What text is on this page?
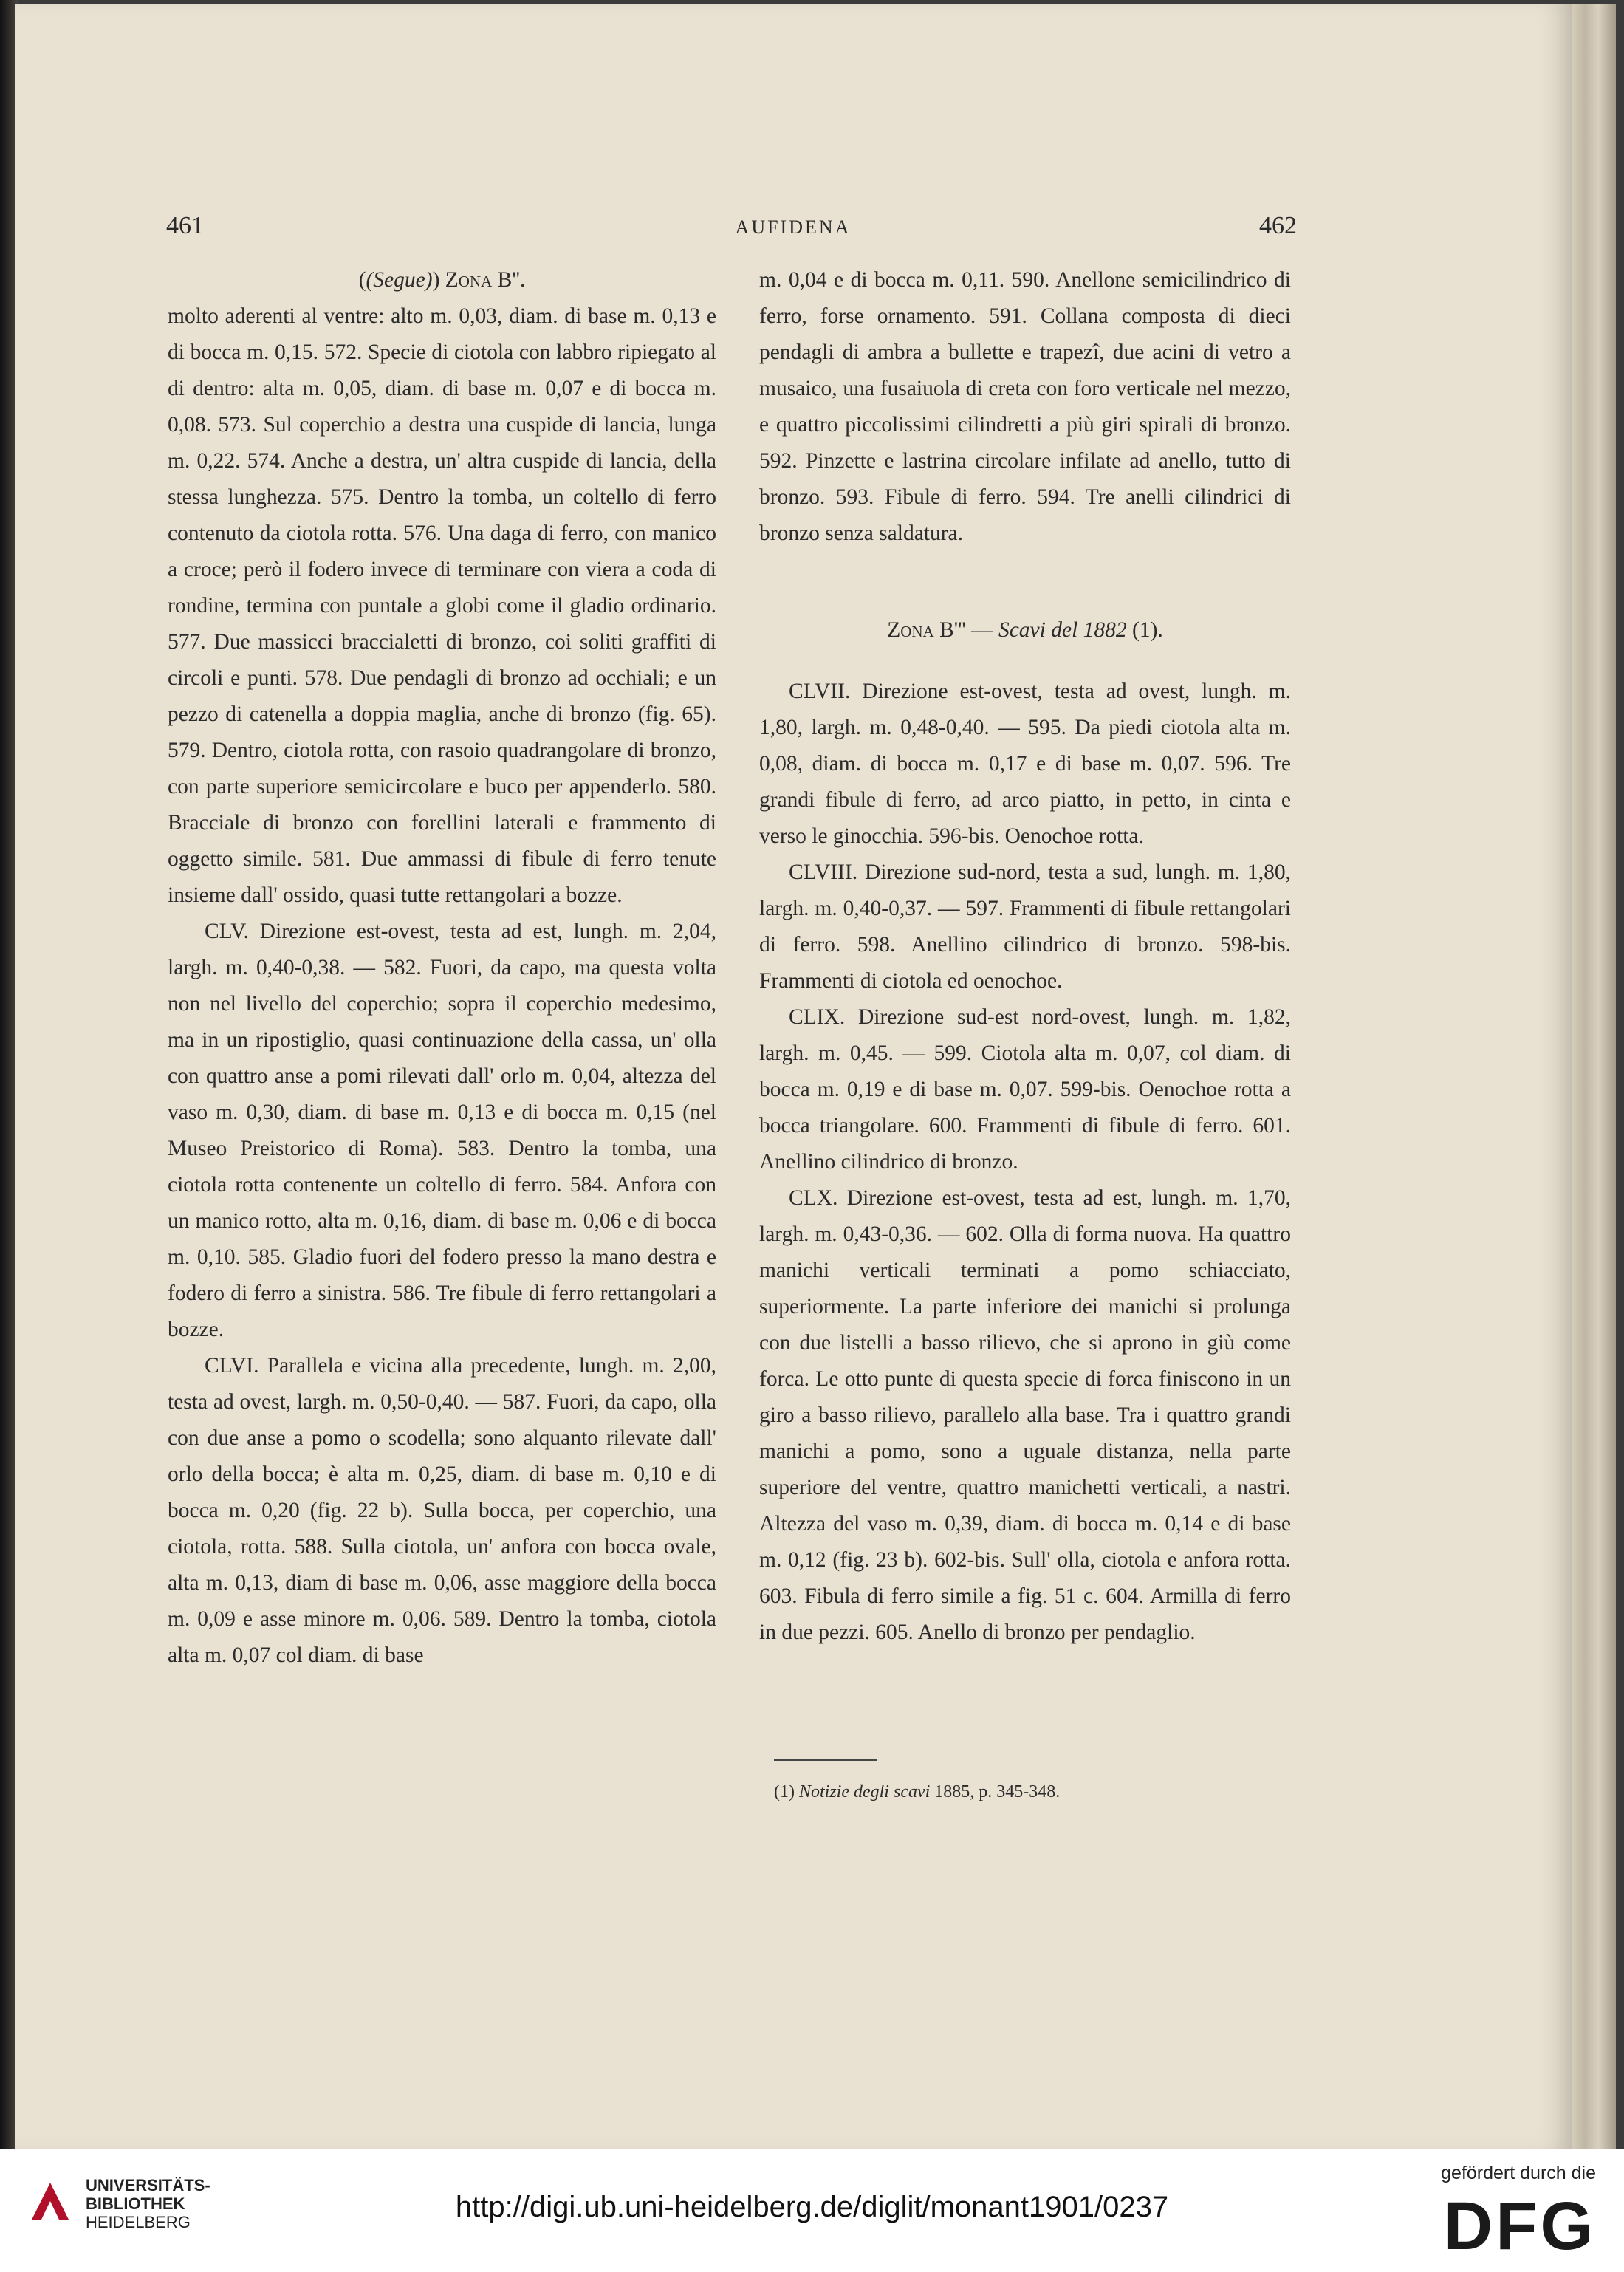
461	AUFIDENA	462

((Segue)) Zona B''.

molto aderenti al ventre: alto m. 0,03, diam. di base m. 0,13 e di bocca m. 0,15. 572. Specie di ciotola con labbro ripiegato al di dentro: alta m. 0,05, diam. di base m. 0,07 e di bocca m. 0,08. 573. Sul coperchio a destra una cuspide di lancia, lunga m. 0,22. 574. Anche a destra, un' altra cuspide di lancia, della stessa lunghezza. 575. Dentro la tomba, un coltello di ferro contenuto da ciotola rotta. 576. Una daga di ferro, con manico a croce; però il fodero invece di terminare con viera a coda di rondine, termina con puntale a globi come il gladio ordinario. 577. Due massicci braccialetti di bronzo, coi soliti graffiti di circoli e punti. 578. Due pendagli di bronzo ad occhiali; e un pezzo di catenella a doppia maglia, anche di bronzo (fig. 65). 579. Dentro, ciotola rotta, con rasoio quadrangolare di bronzo, con parte superiore semicircolare e buco per appenderlo. 580. Bracciale di bronzo con forellini laterali e frammento di oggetto simile. 581. Due ammassi di fibule di ferro tenute insieme dall' ossido, quasi tutte rettangolari a bozze.

CLV. Direzione est-ovest, testa ad est, lungh. m. 2,04, largh. m. 0,40-0,38. — 582. Fuori, da capo, ma questa volta non nel livello del coperchio; sopra il coperchio medesimo, ma in un ripostiglio, quasi continuazione della cassa, un' olla con quattro anse a pomi rilevati dall' orlo m. 0,04, altezza del vaso m. 0,30, diam. di base m. 0,13 e di bocca m. 0,15 (nel Museo Preistorico di Roma). 583. Dentro la tomba, una ciotola rotta contenente un coltello di ferro. 584. Anfora con un manico rotto, alta m. 0,16, diam. di base m. 0,06 e di bocca m. 0,10. 585. Gladio fuori del fodero presso la mano destra e fodero di ferro a sinistra. 586. Tre fibule di ferro rettangolari a bozze.

CLVI. Parallela e vicina alla precedente, lungh. m. 2,00, testa ad ovest, largh. m. 0,50-0,40. — 587. Fuori, da capo, olla con due anse a pomo o scodella; sono alquanto rilevate dall' orlo della bocca; è alta m. 0,25, diam. di base m. 0,10 e di bocca m. 0,20 (fig. 22 b). Sulla bocca, per coperchio, una ciotola, rotta. 588. Sulla ciotola, un' anfora con bocca ovale, alta m. 0,13, diam di base m. 0,06, asse maggiore della bocca m. 0,09 e asse minore m. 0,06. 589. Dentro la tomba, ciotola alta m. 0,07 col diam. di base

m. 0,04 e di bocca m. 0,11. 590. Anellone semicilindrico di ferro, forse ornamento. 591. Collana composta di dieci pendagli di ambra a bullette e trapezî, due acini di vetro a musaico, una fusaiuola di creta con foro verticale nel mezzo, e quattro piccolissimi cilindretti a più giri spirali di bronzo. 592. Pinzette e lastrina circolare infilate ad anello, tutto di bronzo. 593. Fibule di ferro. 594. Tre anelli cilindrici di bronzo senza saldatura.

Zona B''' — Scavi del 1882 (1).

CLVII. Direzione est-ovest, testa ad ovest, lungh. m. 1,80, largh. m. 0,48-0,40. — 595. Da piedi ciotola alta m. 0,08, diam. di bocca m. 0,17 e di base m. 0,07. 596. Tre grandi fibule di ferro, ad arco piatto, in petto, in cinta e verso le ginocchia. 596-bis. Oenochoe rotta.

CLVIII. Direzione sud-nord, testa a sud, lungh. m. 1,80, largh. m. 0,40-0,37. — 597. Frammenti di fibule rettangolari di ferro. 598. Anellino cilindrico di bronzo. 598-bis. Frammenti di ciotola ed oenochoe.

CLIX. Direzione sud-est nord-ovest, lungh. m. 1,82, largh. m. 0,45. — 599. Ciotola alta m. 0,07, col diam. di bocca m. 0,19 e di base m. 0,07. 599-bis. Oenochoe rotta a bocca triangolare. 600. Frammenti di fibule di ferro. 601. Anellino cilindrico di bronzo.

CLX. Direzione est-ovest, testa ad est, lungh. m. 1,70, largh. m. 0,43-0,36. — 602. Olla di forma nuova. Ha quattro manichi verticali terminati a pomo schiacciato, superiormente. La parte inferiore dei manichi si prolunga con due listelli a basso rilievo, che si aprono in giù come forca. Le otto punte di questa specie di forca finiscono in un giro a basso rilievo, parallelo alla base. Tra i quattro grandi manichi a pomo, sono a uguale distanza, nella parte superiore del ventre, quattro manichetti verticali, a nastri. Altezza del vaso m. 0,39, diam. di bocca m. 0,14 e di base m. 0,12 (fig. 23 b). 602-bis. Sull' olla, ciotola e anfora rotta. 603. Fibula di ferro simile a fig. 51 c. 604. Armilla di ferro in due pezzi. 605. Anello di bronzo per pendaglio.

(1) Notizie degli scavi 1885, p. 345-348.
UNIVERSITÄTS-
BIBLIOTHEK
HEIDELBERG	http://digi.ub.uni-heidelberg.de/diglit/monant1901/0237
gefördert durch die
DFG
